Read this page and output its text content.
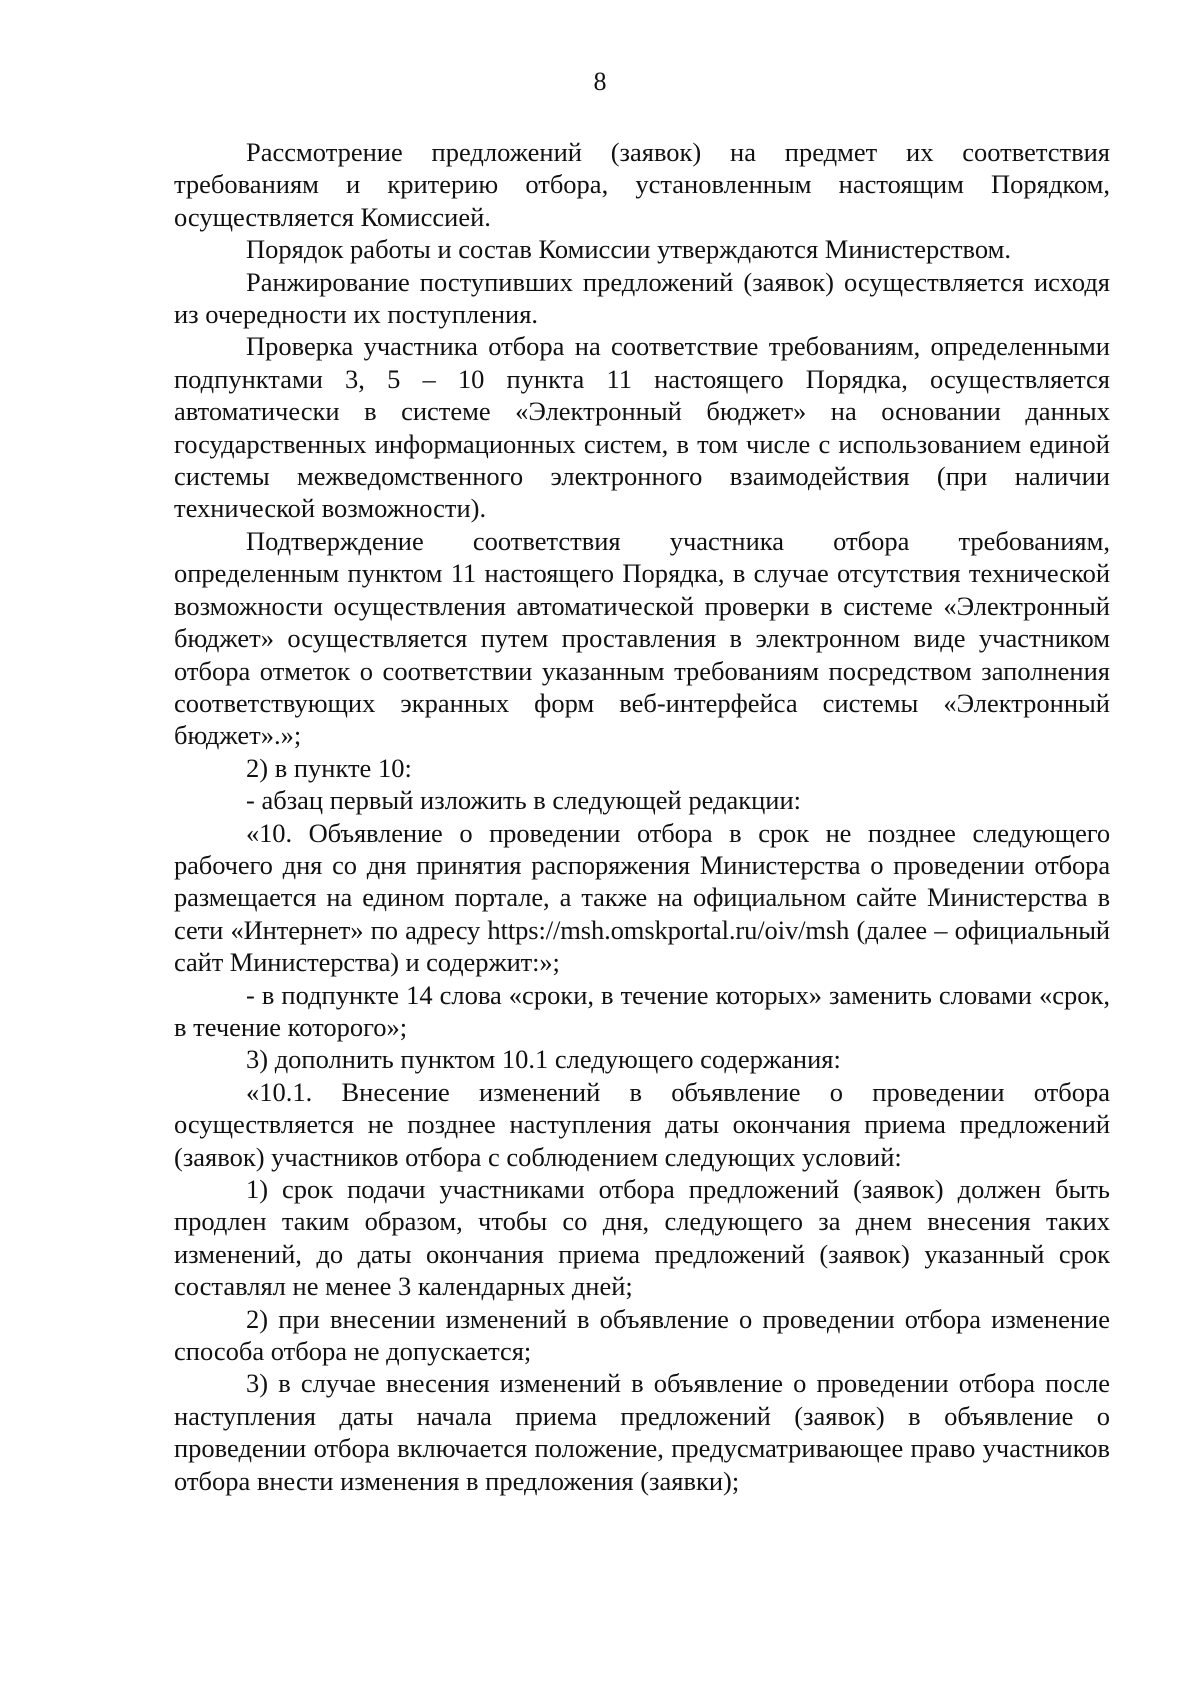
8

Рассмотрение предложений (заявок) на предмет их соответствия требованиям и критерию отбора, установленным настоящим Порядком, осуществляется Комиссией.

Порядок работы и состав Комиссии утверждаются Министерством.

Ранжирование поступивших предложений (заявок) осуществляется исходя из очередности их поступления.

Проверка участника отбора на соответствие требованиям, определенными подпунктами 3, 5 – 10 пункта 11 настоящего Порядка, осуществляется автоматически в системе «Электронный бюджет» на основании данных государственных информационных систем, в том числе с использованием единой системы межведомственного электронного взаимодействия (при наличии технической возможности).

Подтверждение соответствия участника отбора требованиям, определенным пунктом 11 настоящего Порядка, в случае отсутствия технической возможности осуществления автоматической проверки в системе «Электронный бюджет» осуществляется путем проставления в электронном виде участником отбора отметок о соответствии указанным требованиям посредством заполнения соответствующих экранных форм веб-интерфейса системы «Электронный бюджет».»;

2) в пункте 10:

- абзац первый изложить в следующей редакции:

«10. Объявление о проведении отбора в срок не позднее следующего рабочего дня со дня принятия распоряжения Министерства о проведении отбора размещается на едином портале, а также на официальном сайте Министерства в сети «Интернет» по адресу https://msh.omskportal.ru/oiv/msh (далее – официальный сайт Министерства) и содержит:»;

- в подпункте 14 слова «сроки, в течение которых» заменить словами «срок, в течение которого»;

3) дополнить пунктом 10.1 следующего содержания:

«10.1. Внесение изменений в объявление о проведении отбора осуществляется не позднее наступления даты окончания приема предложений (заявок) участников отбора с соблюдением следующих условий:

1) срок подачи участниками отбора предложений (заявок) должен быть продлен таким образом, чтобы со дня, следующего за днем внесения таких изменений, до даты окончания приема предложений (заявок) указанный срок составлял не менее 3 календарных дней;

2) при внесении изменений в объявление о проведении отбора изменение способа отбора не допускается;

3) в случае внесения изменений в объявление о проведении отбора после наступления даты начала приема предложений (заявок) в объявление о проведении отбора включается положение, предусматривающее право участников отбора внести изменения в предложения (заявки);
